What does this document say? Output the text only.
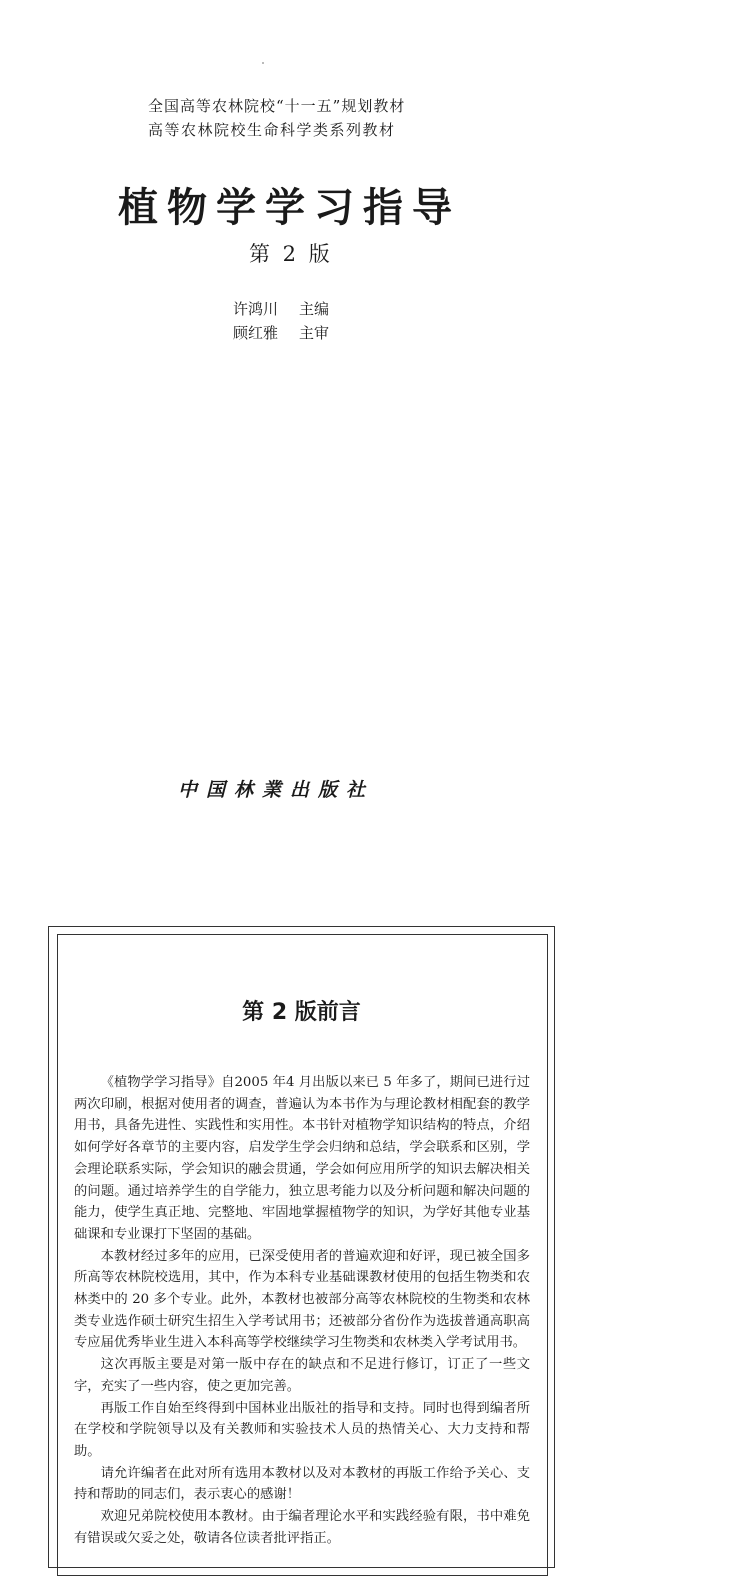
全国高等农林院校“十一五”规划教材
高等农林院校生命科学类系列教材
植物学学习指导
第 2 版
许鸿川 主编
顾红雅 主审
中国林業出版社
第 2 版前言

《植物学学习指导》自2005 年4 月出版以来已 5 年多了，期间已进行过两次印刷，根据对使用者的调查，普遍认为本书作为与理论教材相配套的教学用书，具备先进性、实践性和实用性。本书针对植物学知识结构的特点，介绍如何学好各章节的主要内容，启发学生学会归纳和总结，学会联系和区别，学会理论联系实际，学会知识的融会贯通，学会如何应用所学的知识去解决相关的问题。通过培养学生的自学能力，独立思考能力以及分析问题和解决问题的能力，使学生真正地、完整地、牢固地掌握植物学的知识，为学好其他专业基础课和专业课打下坚固的基础。

本教材经过多年的应用，已深受使用者的普遍欢迎和好评，现已被全国多所高等农林院校选用，其中，作为本科专业基础课教材使用的包括生物类和农林类中的 20 多个专业。此外，本教材也被部分高等农林院校的生物类和农林类专业选作硕士研究生招生入学考试用书；还被部分省份作为选拔普通高职高专应届优秀毕业生进入本科高等学校继续学习生物类和农林类入学考试用书。

这次再版主要是对第一版中存在的缺点和不足进行修订，订正了一些文字，充实了一些内容，使之更加完善。

再版工作自始至终得到中国林业出版社的指导和支持。同时也得到编者所在学校和学院领导以及有关教师和实验技术人员的热情关心、大力支持和帮助。

请允许编者在此对所有选用本教材以及对本教材的再版工作给予关心、支持和帮助的同志们，表示衷心的感谢！

欢迎兄弟院校使用本教材。由于编者理论水平和实践经验有限，书中难免有错误或欠妥之处，敬请各位读者批评指正。
